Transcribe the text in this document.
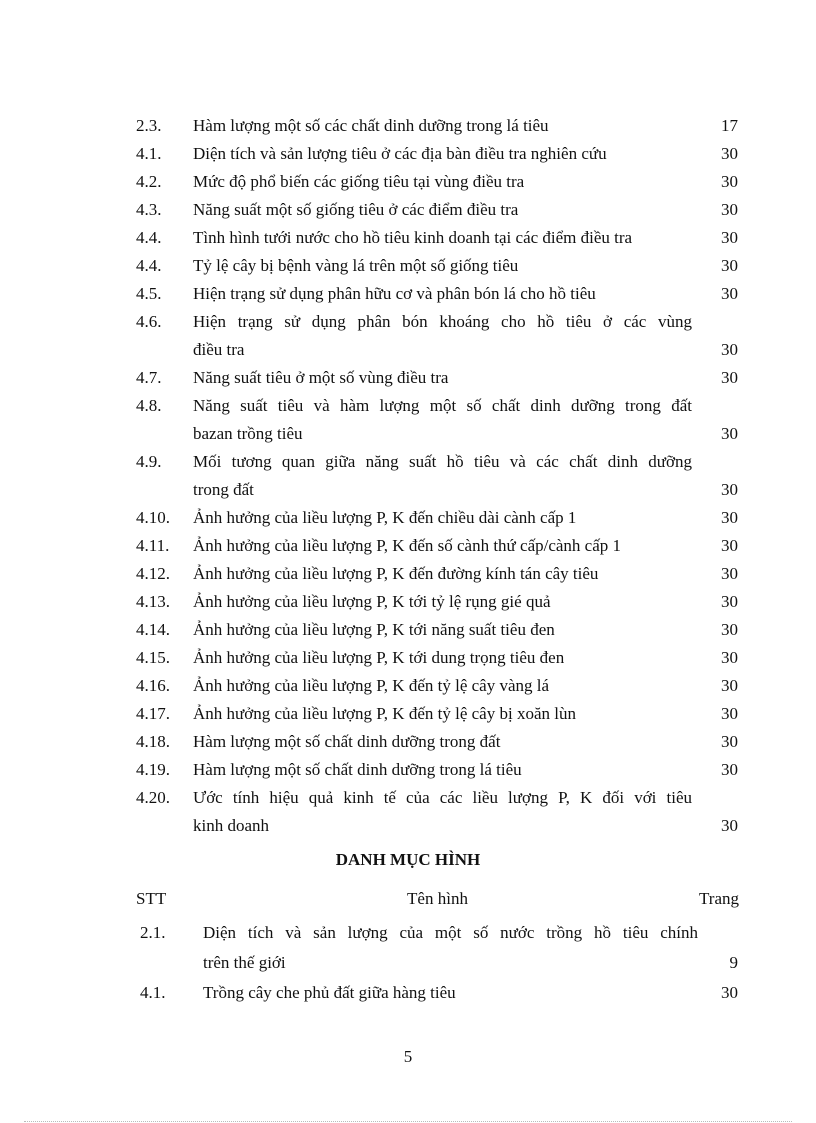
2.3.	Hàm lượng một số các chất dinh dưỡng trong lá tiêu	17
4.1.	Diện tích và sản lượng tiêu ở các địa bàn điều tra nghiên cứu	30
4.2.	Mức độ phổ biến các giống tiêu tại vùng điều tra	30
4.3.	Năng suất một số giống tiêu ở các điểm điều tra	30
4.4.	Tình hình tưới nước cho hồ tiêu kinh doanh tại các điểm điều tra	30
4.4.	Tỷ lệ cây bị bệnh vàng lá trên một số giống tiêu	30
4.5.	Hiện trạng sử dụng phân hữu cơ và phân bón lá cho hồ tiêu	30
4.6.	Hiện trạng sử dụng phân bón khoáng cho hồ tiêu ở các vùng
điều tra	30
4.7.	Năng suất tiêu ở một số vùng điều tra	30
4.8.	Năng suất tiêu và hàm lượng một số chất dinh dưỡng trong đất
bazan trồng tiêu	30
4.9.	Mối tương quan giữa năng suất hồ tiêu và các chất dinh dưỡng
trong đất	30
4.10.	Ảnh hưởng của liều lượng P, K đến chiều dài cành cấp 1	30
4.11.	Ảnh hưởng của liều lượng P, K đến số cành thứ cấp/cành cấp 1	30
4.12.	Ảnh hưởng của liều lượng P, K đến đường kính tán cây tiêu	30
4.13.	Ảnh hưởng của liều lượng P, K tới tỷ lệ rụng gié quả	30
4.14.	Ảnh hưởng của liều lượng P, K tới năng suất tiêu đen	30
4.15.	Ảnh hưởng của liều lượng P, K tới dung trọng tiêu đen	30
4.16.	Ảnh hưởng của liều lượng P, K đến tỷ lệ cây vàng lá	30
4.17.	Ảnh hưởng của liều lượng P, K đến tỷ lệ cây bị xoăn lùn	30
4.18.	Hàm lượng một số chất dinh dưỡng trong đất	30
4.19.	Hàm lượng một số chất dinh dưỡng trong lá tiêu	30
4.20.	Ước tính hiệu quả kinh tế của các liều lượng P, K đối với tiêu
kinh doanh	30
DANH MỤC HÌNH
STT	Tên hình	Trang
2.1.	Diện tích và sản lượng của một số nước trồng hồ tiêu chính
trên thế giới	9
4.1.	Trồng cây che phủ đất giữa hàng tiêu	30
5
